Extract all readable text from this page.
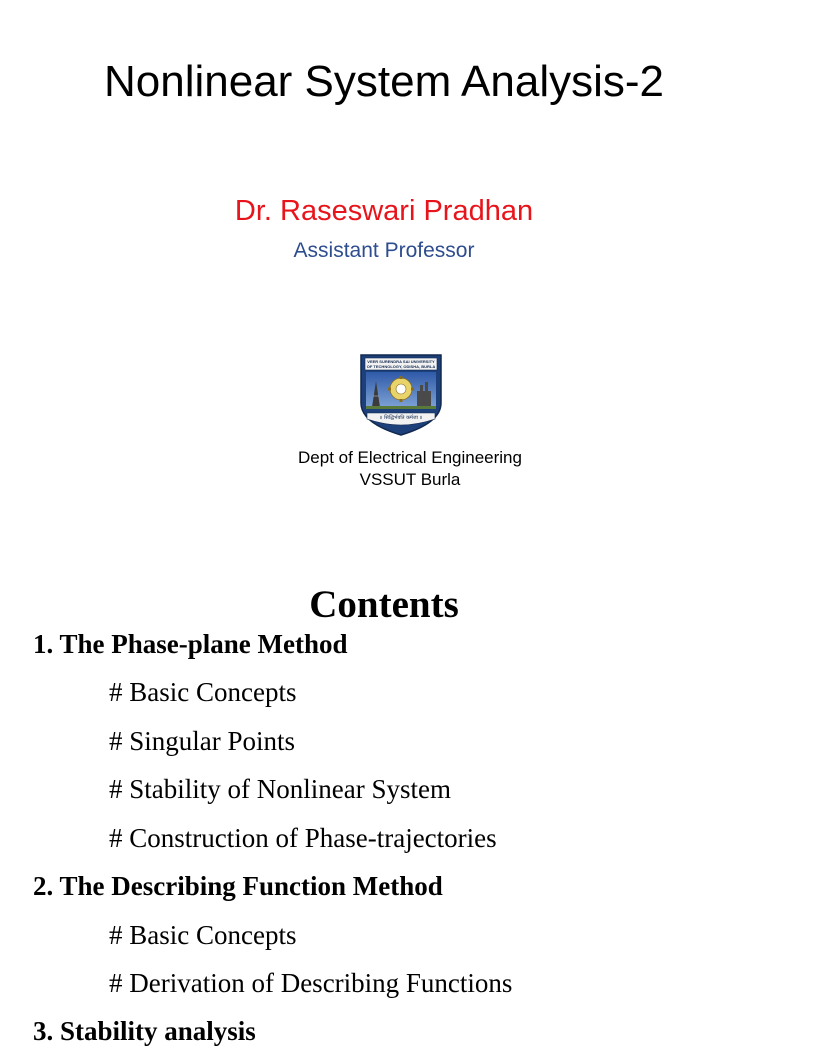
Nonlinear System Analysis-2
Dr. Raseswari Pradhan
Assistant Professor
VEER SURENDRA SAI UNIVERSITY
OF TECHNOLOGY, ODISHA, BURLA
॥ सिद्धिर्भवति कर्मजा ॥
Dept of Electrical Engineering
VSSUT Burla
Contents
1. The Phase-plane Method
# Basic Concepts
# Singular Points
# Stability of Nonlinear System
# Construction of Phase-trajectories
2. The Describing Function Method
# Basic Concepts
# Derivation of Describing Functions
3. Stability analysis
